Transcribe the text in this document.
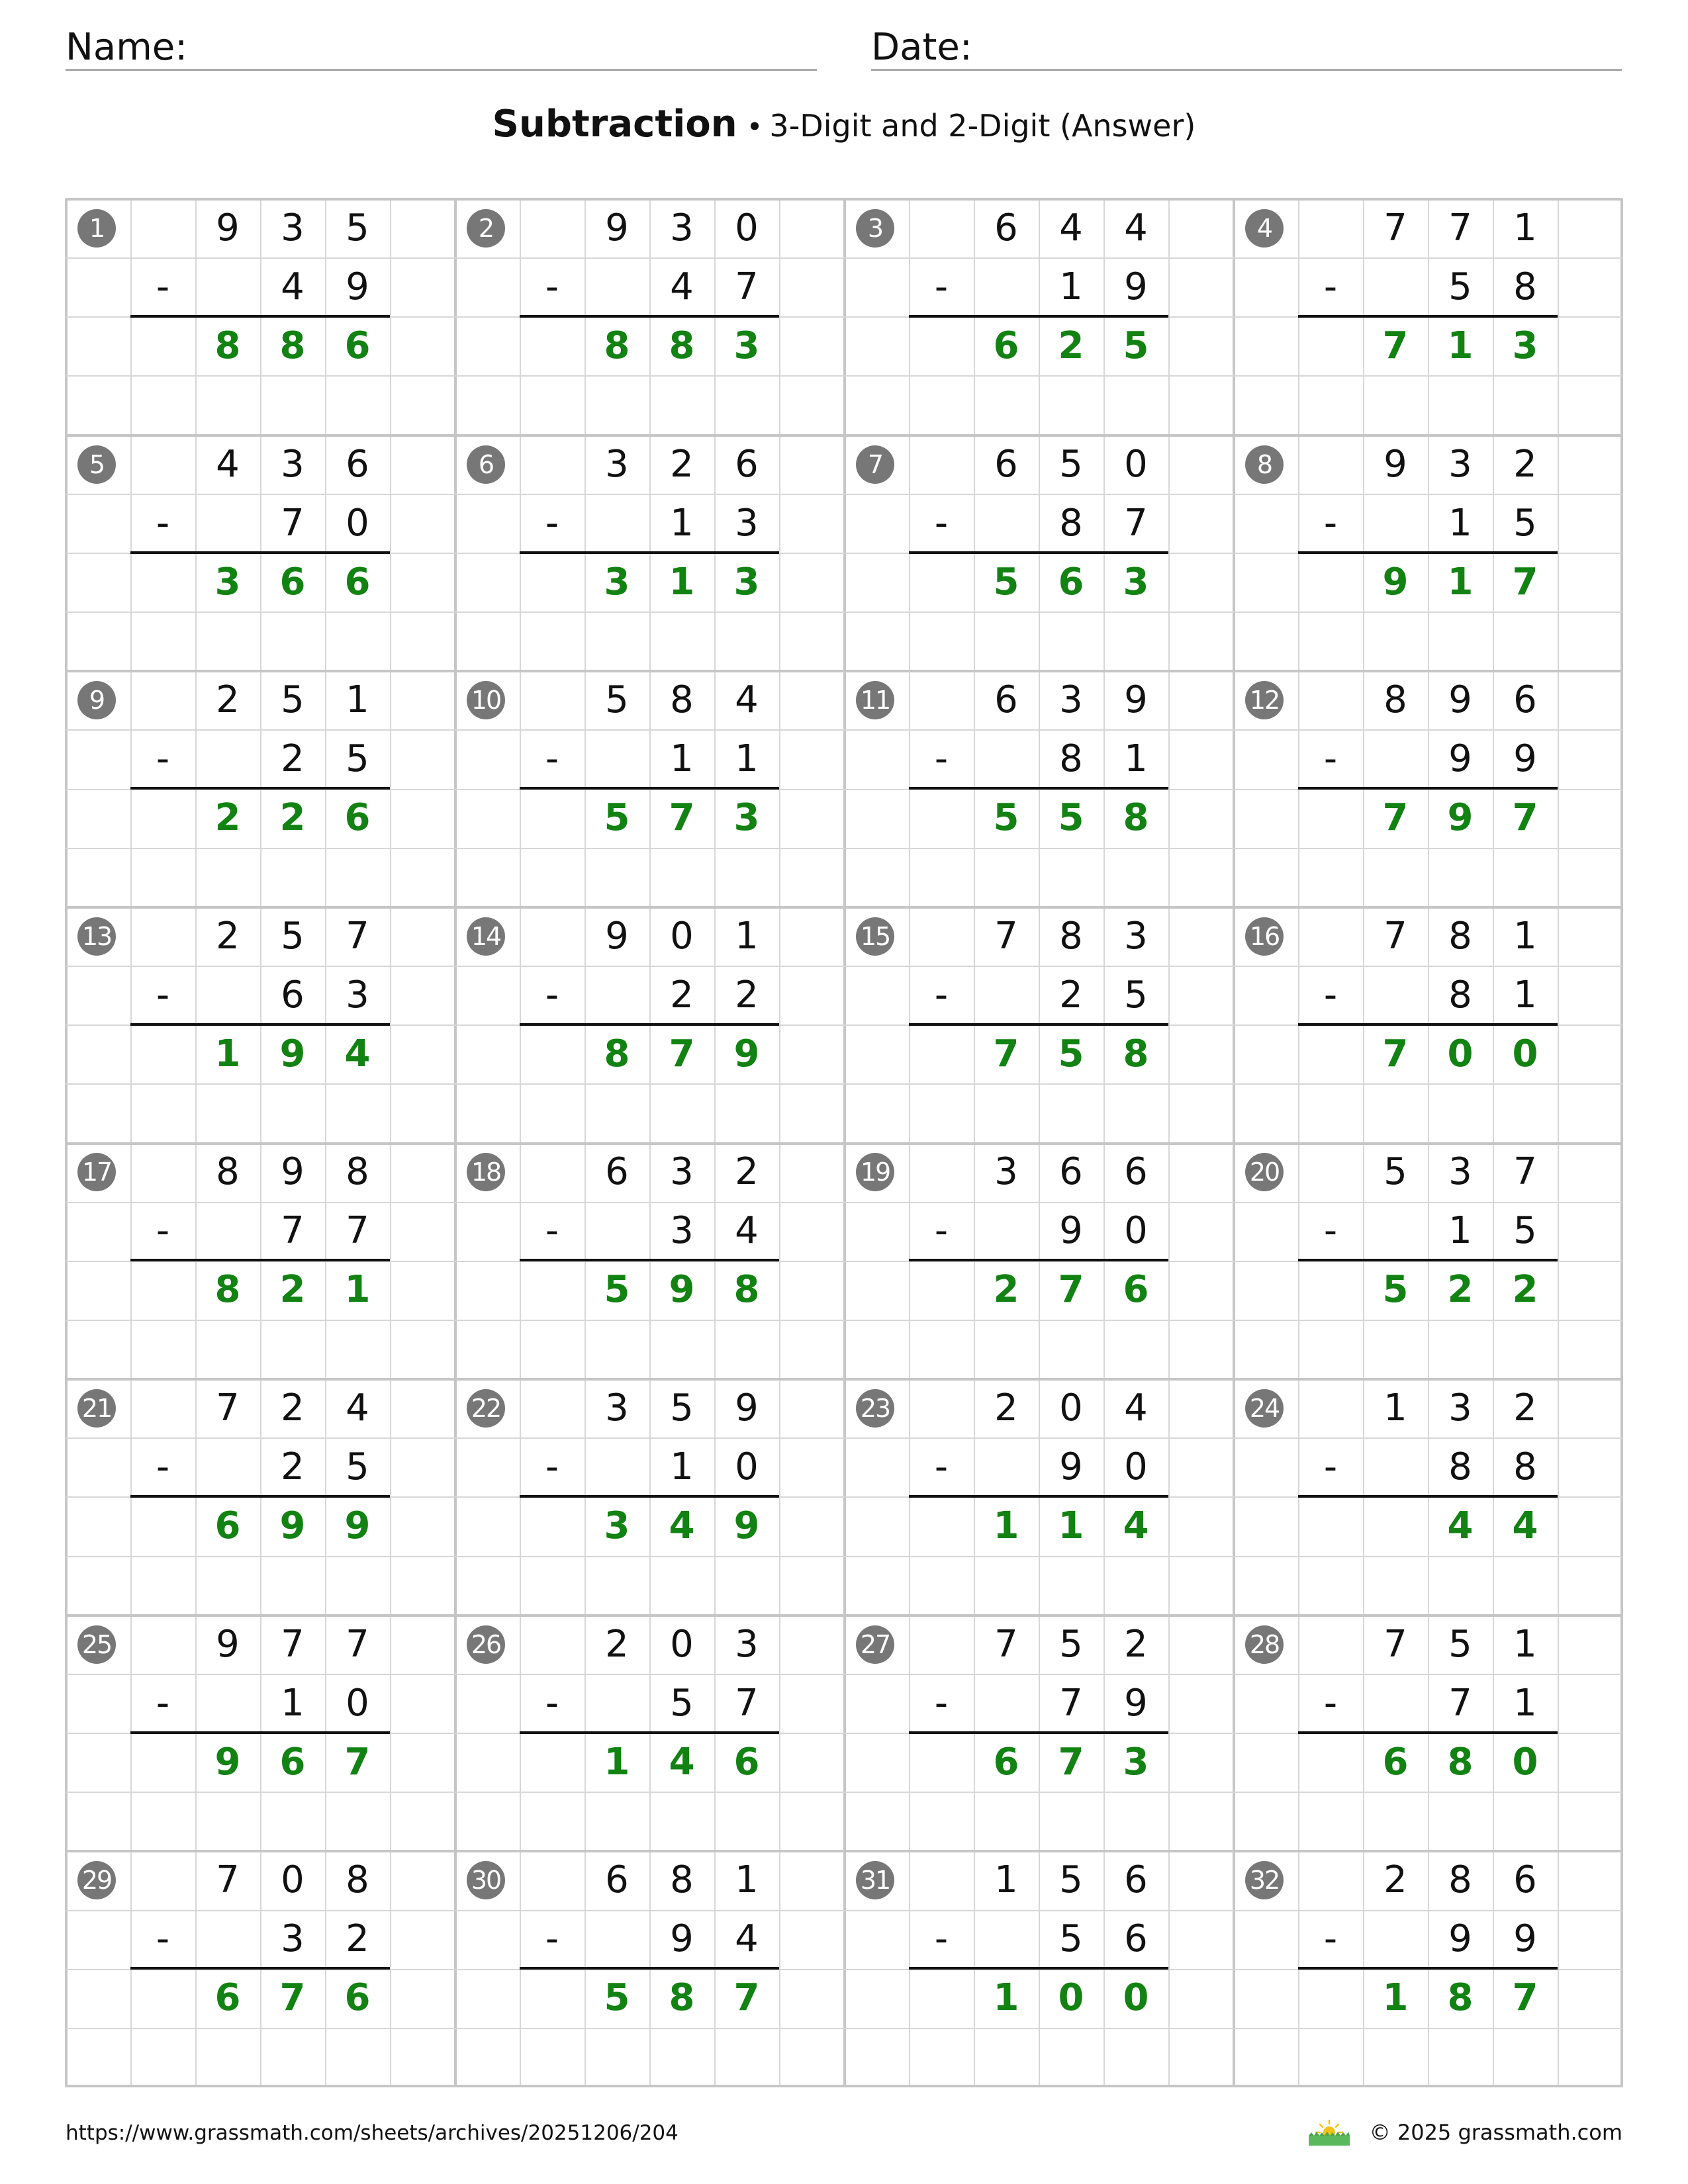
Name:	Date:
Subtraction • 3-Digit and 2-Digit (Answer)
1	9	3	5
-	4	9
8	8	6
2	9	3	0
-	4	7
8	8	3
3	6	4	4
-	1	9
6	2	5
4	7	7	1
-	5	8
7	1	3
5	4	3	6
-	7	0
3	6	6
6	3	2	6
-	1	3
3	1	3
7	6	5	0
-	8	7
5	6	3
8	9	3	2
-	1	5
9	1	7
9	2	5	1
-	2	5
2	2	6
10	5	8	4
-	1	1
5	7	3
11	6	3	9
-	8	1
5	5	8
12	8	9	6
-	9	9
7	9	7
13	2	5	7
-	6	3
1	9	4
14	9	0	1
-	2	2
8	7	9
15	7	8	3
-	2	5
7	5	8
16	7	8	1
-	8	1
7	0	0
17	8	9	8
-	7	7
8	2	1
18	6	3	2
-	3	4
5	9	8
19	3	6	6
-	9	0
2	7	6
20	5	3	7
-	1	5
5	2	2
21	7	2	4
-	2	5
6	9	9
22	3	5	9
-	1	0
3	4	9
23	2	0	4
-	9	0
1	1	4
24	1	3	2
-	8	8
4	4
25	9	7	7
-	1	0
9	6	7
26	2	0	3
-	5	7
1	4	6
27	7	5	2
-	7	9
6	7	3
28	7	5	1
-	7	1
6	8	0
29	7	0	8
-	3	2
6	7	6
30	6	8	1
-	9	4
5	8	7
31	1	5	6
-	5	6
1	0	0
32	2	8	6
-	9	9
1	8	7
https://www.grassmath.com/sheets/archives/20251206/204	© 2025 grassmath.com
